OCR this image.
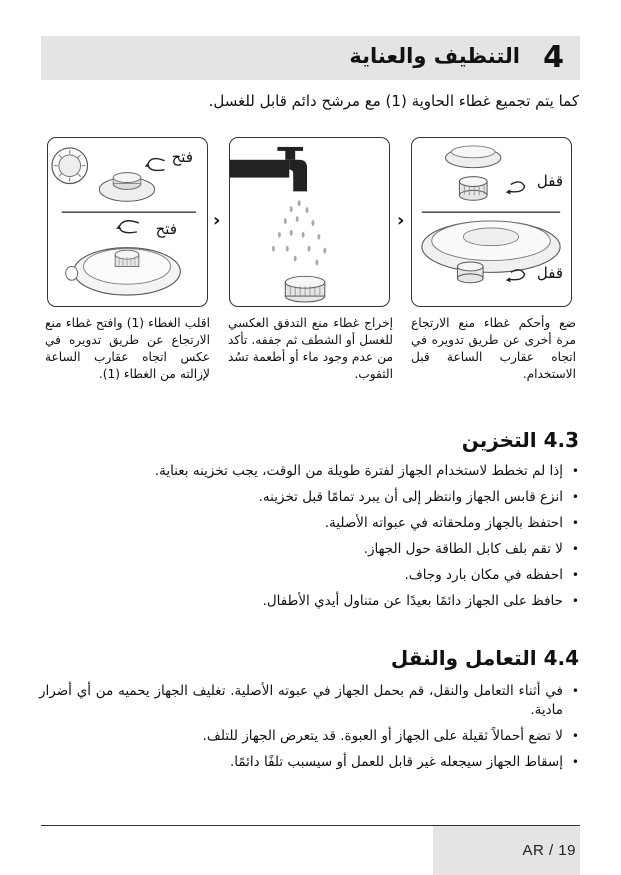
4
التنظيف والعناية
كما يتم تجميع غطاء الحاوية (1) مع مرشح دائم قابل للغسل.
فتح
فتح ›	›
قفل
قفل
اقلب الغطاء (1) وافتح غطاء منع الارتجاع عن طريق تدويره في عكس اتجاه عقارب الساعة لإزالته من الغطاء (1).
إخراج غطاء منع التدفق العكسي للغسل أو الشطف ثم جففه. تأكد من عدم وجود ماء أو أطعمة تسُد الثقوب.
ضع وأحكم غطاء منع الارتجاع مرة أخرى عن طريق تدويره في اتجاه عقارب الساعة قبل الاستخدام.
4.3 التخزين
• إذا لم تخطط لاستخدام الجهاز لفترة طويلة من الوقت، يجب تخزينه بعناية.
• انزع قابس الجهاز وانتظر إلى أن يبرد تمامًا قبل تخزينه.
• احتفظ بالجهاز وملحقاته في عبواته الأصلية.
• لا تقم بلف كابل الطاقة حول الجهاز.
• احفظه في مكان بارد وجاف.
• حافظ على الجهاز دائمًا بعيدًا عن متناول أيدي الأطفال.
4.4 التعامل والنقل
• في أثناء التعامل والنقل، قم بحمل الجهاز في عبوته الأصلية. تغليف الجهاز يحميه من أي أضرار مادية.
• لا تضع أحمالاً ثقيلة على الجهاز أو العبوة. قد يتعرض الجهاز للتلف.
• إسقاط الجهاز سيجعله غير قابل للعمل أو سيسبب تلفًا دائمًا.
AR / 19
